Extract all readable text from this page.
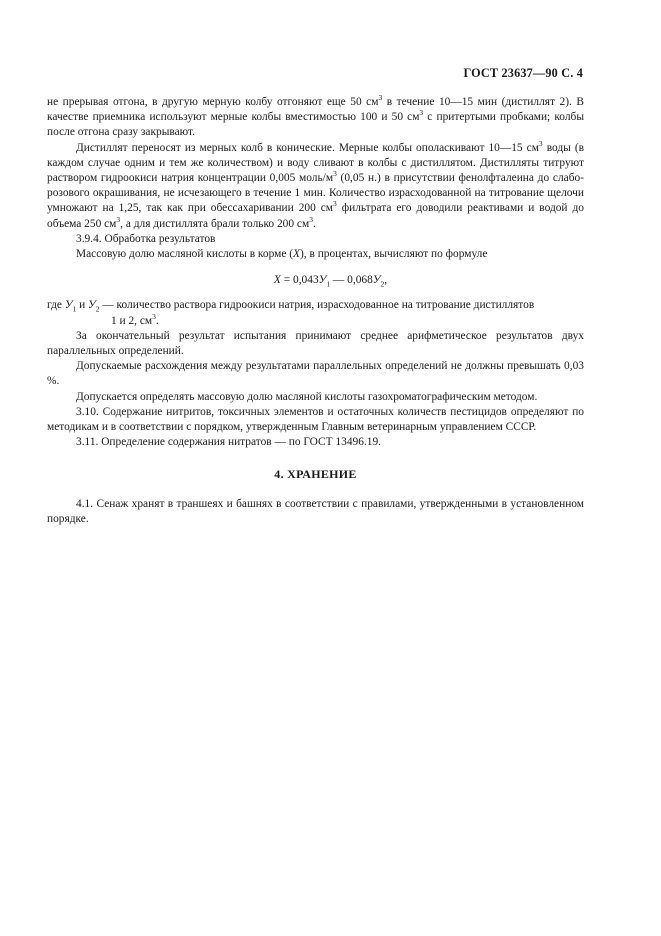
ГОСТ 23637—90 С. 4

не прерывая отгона, в другую мерную колбу отгоняют еще 50 $см^3$ в течение 10—15 мин (дистиллят 2). В качестве приемника используют мерные колбы вместимостью 100 и 50 $см^3$ с притертыми пробками; колбы после отгона сразу закрывают.

Дистиллят переносят из мерных колб в конические. Мерные колбы ополаскивают 10—15 $см^3$ воды (в каждом случае одним и тем же количеством) и воду сливают в колбы с дистиллятом. Дистилляты титруют раствором гидроокиси натрия концентрации 0,005 моль/$м^3$ (0,05 н.) в присутствии фенолфталеина до слабо-розового окрашивания, не исчезающего в течение 1 мин. Количество израсходованной на титрование щелочи умножают на 1,25, так как при обессахаривании 200 $см^3$ фильтрата его доводили реактивами и водой до объема 250 $см^3$, а для дистиллята брали только 200 $см^3$.

3.9.4. Обработка результатов

Массовую долю масляной кислоты в корме (X), в процентах, вычисляют по формуле

$X = 0,043У_1$ — $0,068У_2$,

где $У_1$ и $У_2$ — количество раствора гидроокиси натрия, израсходованное на титрование дистиллятов

1 и 2, $см^3$.

За окончательный результат испытания принимают среднее арифметическое результатов двух параллельных определений.

Допускаемые расхождения между результатами параллельных определений не должны превышать 0,03 %.

Допускается определять массовую долю масляной кислоты газохроматографическим методом.

3.10. Содержание нитритов, токсичных элементов и остаточных количеств пестицидов определяют по методикам и в соответствии с порядком, утвержденным Главным ветеринарным управлением СССР.

3.11. Определение содержания нитратов — по ГОСТ 13496.19.

4. ХРАНЕНИЕ

4.1. Сенаж хранят в траншеях и башнях в соответствии с правилами, утвержденными в установленном порядке.
